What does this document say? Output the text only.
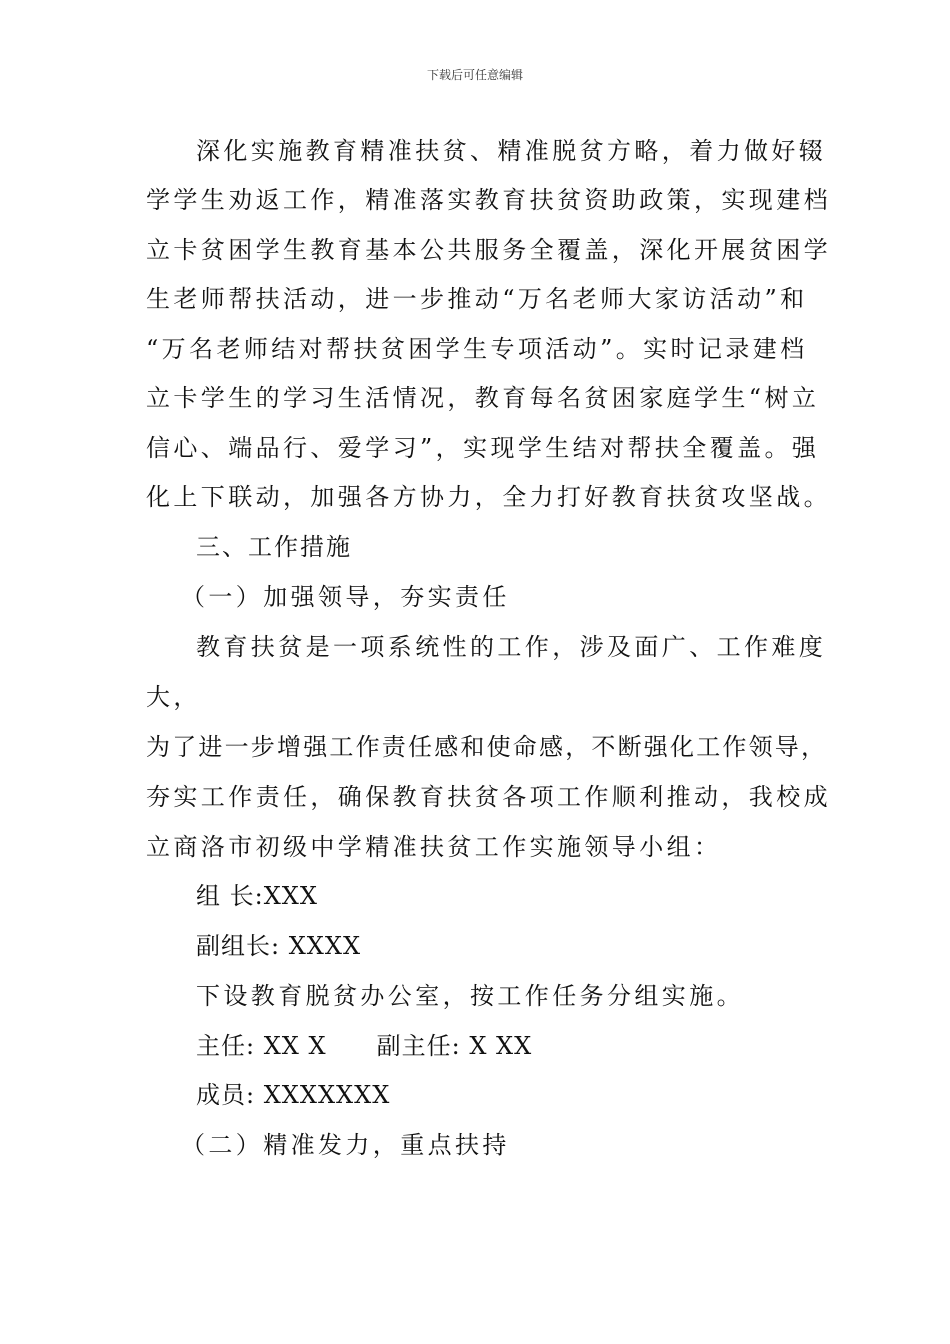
下载后可任意编辑
深化实施教育精准扶贫、精准脱贫方略，着力做好辍
学学生劝返工作，精准落实教育扶贫资助政策，实现建档
立卡贫困学生教育基本公共服务全覆盖，深化开展贫困学
生老师帮扶活动，进一步推动“万名老师大家访活动”和
“万名老师结对帮扶贫困学生专项活动”。实时记录建档
立卡学生的学习生活情况，教育每名贫困家庭学生“树立
信心、端品行、爱学习”，实现学生结对帮扶全覆盖。强
化上下联动，加强各方协力，全力打好教育扶贫攻坚战。
三、工作措施
（一）加强领导，夯实责任
教育扶贫是一项系统性的工作，涉及面广、工作难度
大，
为了进一步增强工作责任感和使命感，不断强化工作领导，
夯实工作责任，确保教育扶贫各项工作顺利推动，我校成
立商洛市初级中学精准扶贫工作实施领导小组：
组 长:XXX
副组长: XXXX
下设教育脱贫办公室，按工作任务分组实施。
主任: XX X 副主任: X XX
成员: XXXXXXX
（二）精准发力，重点扶持
